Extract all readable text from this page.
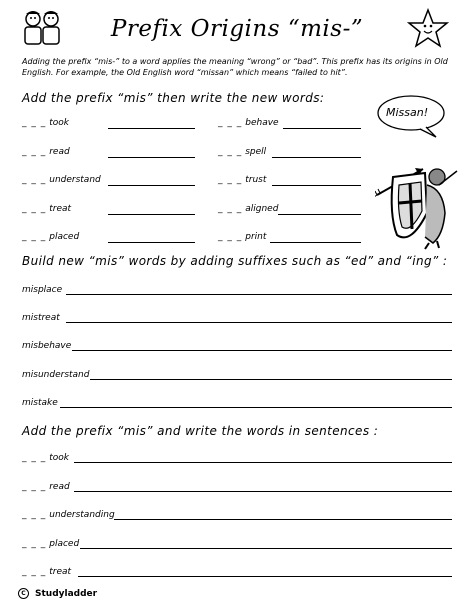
Prefix Origins “mis-”
Adding the prefix “mis-” to a word applies the meaning “wrong” or “bad”. This prefix has its origins in Old English. For example, the Old English word “missan” which means “failed to hit”.
Add the prefix “mis” then write the new words:
_ _ _ took	_ _ _ behave
_ _ _ read	_ _ _ spell
_ _ _ understand	_ _ _ trust
_ _ _ treat	_ _ _ aligned
_ _ _ placed	_ _ _ print
Missan!
Build new “mis” words by adding suffixes such as “ed” and “ing” :
misplace
mistreat
misbehave
misunderstand
mistake
Add the prefix “mis” and write the words in sentences :
_ _ _ took
_ _ _ read
_ _ _ understanding
_ _ _ placed
_ _ _ treat
C	Studyladder
